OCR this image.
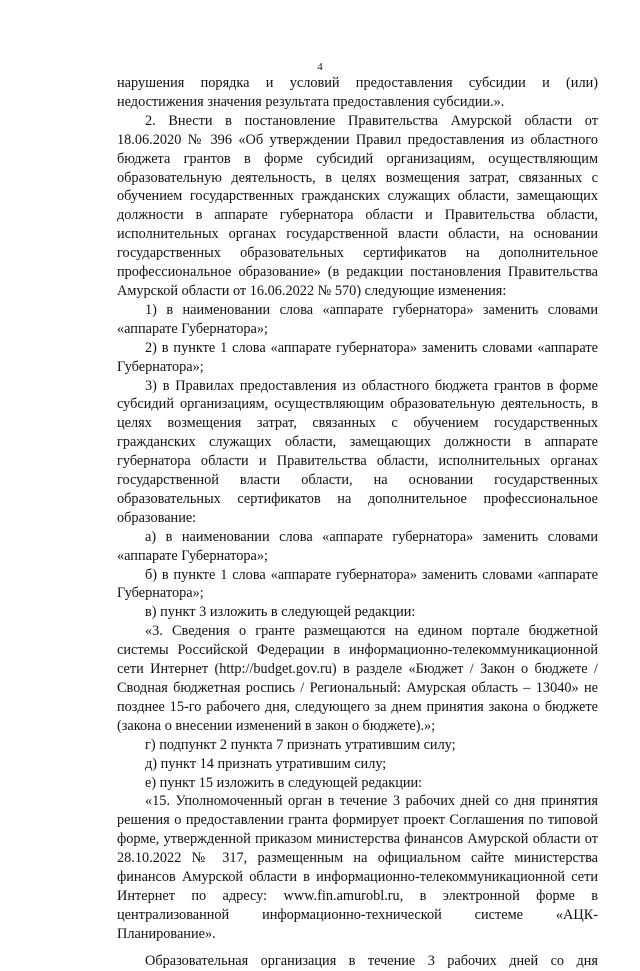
4

нарушения порядка и условий предоставления субсидии и (или) недостижения значения результата предоставления субсидии.».

2. Внести в постановление Правительства Амурской области от 18.06.2020 № 396 «Об утверждении Правил предоставления из областного бюджета грантов в форме субсидий организациям, осуществляющим образовательную деятельность, в целях возмещения затрат, связанных с обучением государственных гражданских служащих области, замещающих должности в аппарате губернатора области и Правительства области, исполнительных органах государственной власти области, на основании государственных образовательных сертификатов на дополнительное профессиональное образование» (в редакции постановления Правительства Амурской области от 16.06.2022 № 570) следующие изменения:

1) в наименовании слова «аппарате губернатора» заменить словами «аппарате Губернатора»;

2) в пункте 1 слова «аппарате губернатора» заменить словами «аппарате Губернатора»;

3) в Правилах предоставления из областного бюджета грантов в форме субсидий организациям, осуществляющим образовательную деятельность, в целях возмещения затрат, связанных с обучением государственных гражданских служащих области, замещающих должности в аппарате губернатора области и Правительства области, исполнительных органах государственной власти области, на основании государственных образовательных сертификатов на дополнительное профессиональное образование:

а) в наименовании слова «аппарате губернатора» заменить словами «аппарате Губернатора»;

б) в пункте 1 слова «аппарате губернатора» заменить словами «аппарате Губернатора»;

в) пункт 3 изложить в следующей редакции:

«3. Сведения о гранте размещаются на едином портале бюджетной системы Российской Федерации в информационно-телекоммуникационной сети Интернет (http://budget.gov.ru) в разделе «Бюджет / Закон о бюджете / Сводная бюджетная роспись / Региональный: Амурская область – 13040» не позднее 15-го рабочего дня, следующего за днем принятия закона о бюджете (закона о внесении изменений в закон о бюджете).»;

г) подпункт 2 пункта 7 признать утратившим силу;

д) пункт 14 признать утратившим силу;

е) пункт 15 изложить в следующей редакции:

«15. Уполномоченный орган в течение 3 рабочих дней со дня принятия решения о предоставлении гранта формирует проект Соглашения по типовой форме, утвержденной приказом министерства финансов Амурской области от 28.10.2022 № 317, размещенным на официальном сайте министерства финансов Амурской области в информационно-телекоммуникационной сети Интернет по адресу: www.fin.amurobl.ru, в электронной форме в централизованной информационно-технической системе «АЦК-Планирование».

Образовательная организация в течение 3 рабочих дней со дня
